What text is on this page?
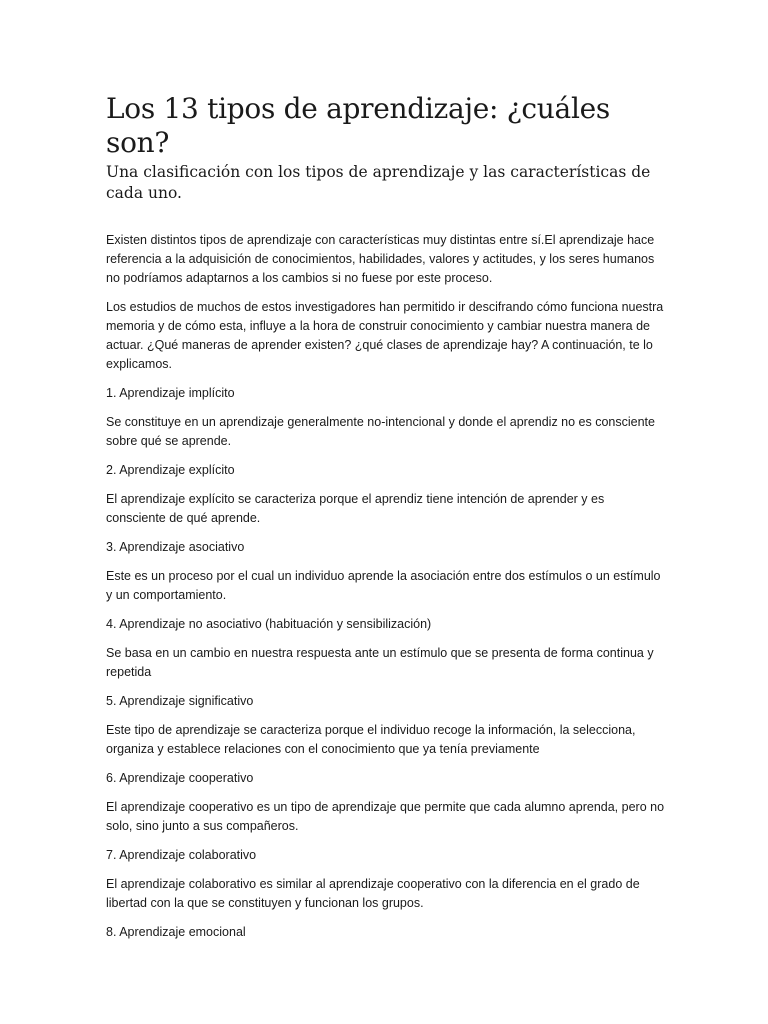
Los 13 tipos de aprendizaje: ¿cuáles son?
Una clasificación con los tipos de aprendizaje y las características de cada uno.

Existen distintos tipos de aprendizaje con características muy distintas entre sí.El aprendizaje hace referencia a la adquisición de conocimientos, habilidades, valores y actitudes, y los seres humanos no podríamos adaptarnos a los cambios si no fuese por este proceso.

Los estudios de muchos de estos investigadores han permitido ir descifrando cómo funciona nuestra memoria y de cómo esta, influye a la hora de construir conocimiento y cambiar nuestra manera de actuar. ¿Qué maneras de aprender existen? ¿qué clases de aprendizaje hay? A continuación, te lo explicamos.

1. Aprendizaje implícito

Se constituye en un aprendizaje generalmente no-intencional y donde el aprendiz no es consciente sobre qué se aprende.

2. Aprendizaje explícito

El aprendizaje explícito se caracteriza porque el aprendiz tiene intención de aprender y es consciente de qué aprende.

3. Aprendizaje asociativo

Este es un proceso por el cual un individuo aprende la asociación entre dos estímulos o un estímulo y un comportamiento.

4. Aprendizaje no asociativo (habituación y sensibilización)

Se basa en un cambio en nuestra respuesta ante un estímulo que se presenta de forma continua y repetida

5. Aprendizaje significativo

Este tipo de aprendizaje se caracteriza porque el individuo recoge la información, la selecciona, organiza y establece relaciones con el conocimiento que ya tenía previamente

6. Aprendizaje cooperativo

El aprendizaje cooperativo es un tipo de aprendizaje que permite que cada alumno aprenda, pero no solo, sino junto a sus compañeros.

7. Aprendizaje colaborativo

El aprendizaje colaborativo es similar al aprendizaje cooperativo con la diferencia en el grado de libertad con la que se constituyen y funcionan los grupos.

8. Aprendizaje emocional
